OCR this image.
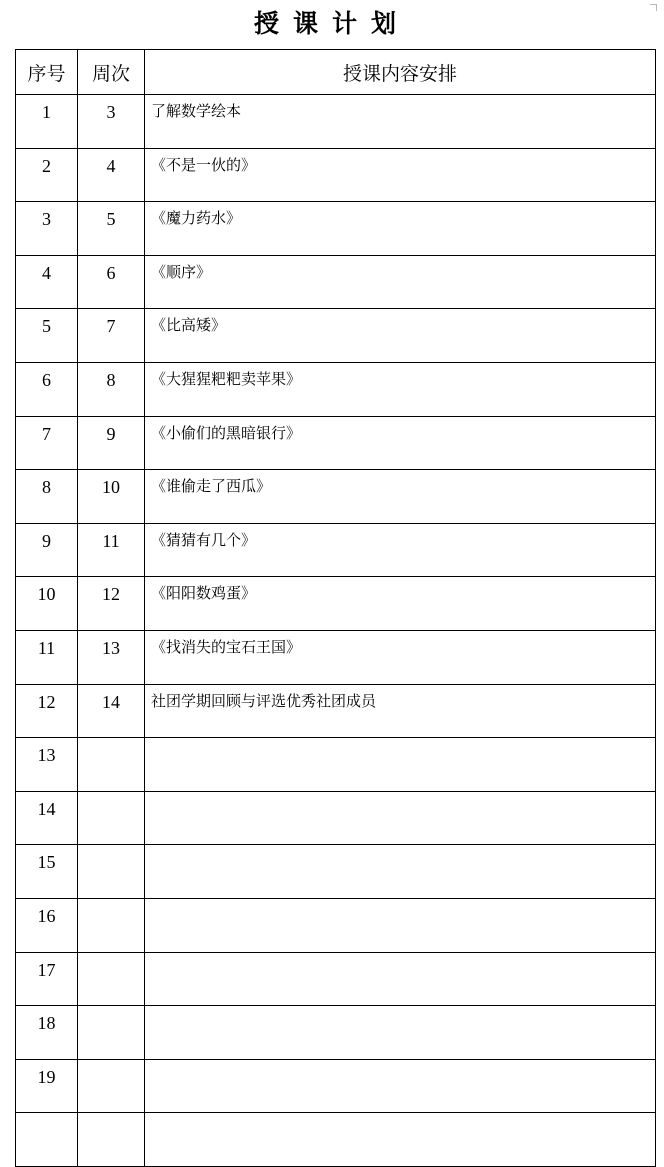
授课计划
序号	周次	授课内容安排

1	3	了解数学绘本

2	4	《不是一伙的》

3	5	《魔力药水》

4	6	《顺序》

5	7	《比高矮》

6	8	《大猩猩粑粑卖苹果》

7	9	《小偷们的黑暗银行》

8	10	《谁偷走了西瓜》

9	11	《猜猜有几个》

10	12	《阳阳数鸡蛋》

11	13	《找消失的宝石王国》

12	14	社团学期回顾与评选优秀社团成员

13		

14		

15		

16		

17		

18		

19		
